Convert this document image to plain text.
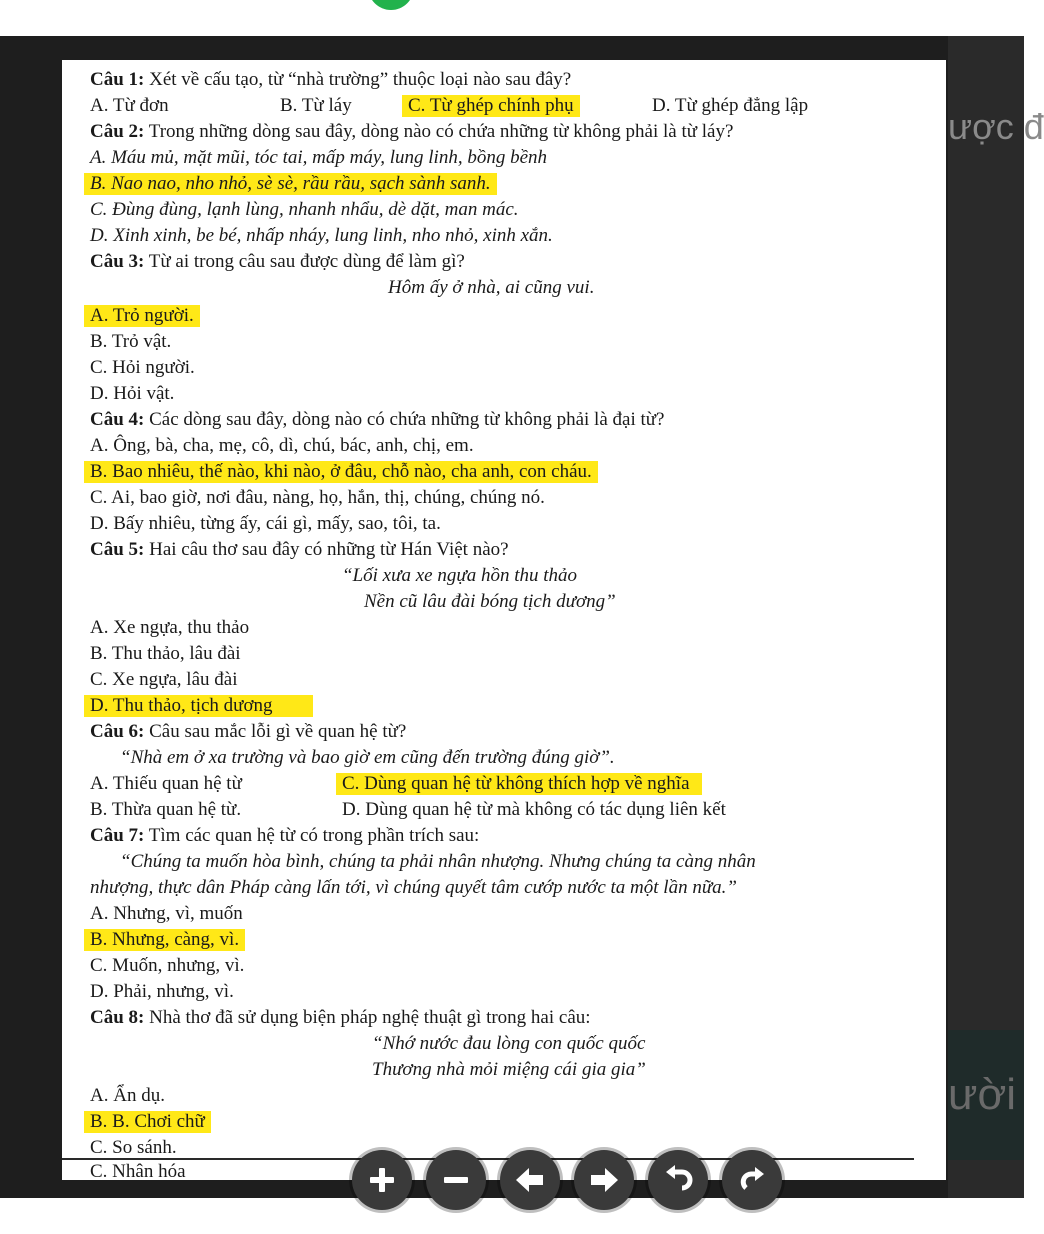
ược đ
ười
Câu 1: Xét về cấu tạo, từ “nhà trường” thuộc loại nào sau đây?
A. Từ đơn	B. Từ láy	C. Từ ghép chính phụ	D. Từ ghép đẳng lập
Câu 2: Trong những dòng sau đây, dòng nào có chứa những từ không phải là từ láy?
A. Máu mủ, mặt mũi, tóc tai, mấp máy, lung linh, bồng bềnh
B. Nao nao, nho nhỏ, sè sè, rầu rầu, sạch sành sanh.
C. Đùng đùng, lạnh lùng, nhanh nhẩu, dè dặt, man mác.
D. Xinh xinh, be bé, nhấp nháy, lung linh, nho nhỏ, xinh xắn.
Câu 3: Từ ai trong câu sau được dùng để làm gì?
Hôm ấy ở nhà, ai cũng vui.
A. Trỏ người.
B. Trỏ vật.
C. Hỏi người.
D. Hỏi vật.
Câu 4: Các dòng sau đây, dòng nào có chứa những từ không phải là đại từ?
A. Ông, bà, cha, mẹ, cô, dì, chú, bác, anh, chị, em.
B. Bao nhiêu, thế nào, khi nào, ở đâu, chỗ nào, cha anh, con cháu.
C. Ai, bao giờ, nơi đâu, nàng, họ, hắn, thị, chúng, chúng nó.
D. Bấy nhiêu, từng ấy, cái gì, mấy, sao, tôi, ta.
Câu 5: Hai câu thơ sau đây có những từ Hán Việt nào?
“Lối xưa xe ngựa hồn thu thảo
Nền cũ lâu đài bóng tịch dương”
A. Xe ngựa, thu thảo
B. Thu thảo, lâu đài
C. Xe ngựa, lâu đài
D. Thu thảo, tịch dương
Câu 6: Câu sau mắc lỗi gì về quan hệ từ?
“Nhà em ở xa trường và bao giờ em cũng đến trường đúng giờ”.
A. Thiếu quan hệ từ	C. Dùng quan hệ từ không thích hợp về nghĩa
B. Thừa quan hệ từ.	D. Dùng quan hệ từ mà không có tác dụng liên kết
Câu 7: Tìm các quan hệ từ có trong phần trích sau:
“Chúng ta muốn hòa bình, chúng ta phải nhân nhượng. Nhưng chúng ta càng nhân
nhượng, thực dân Pháp càng lấn tới, vì chúng quyết tâm cướp nước ta một lần nữa.”
A. Nhưng, vì, muốn
B. Nhưng, càng, vì.
C. Muốn, nhưng, vì.
D. Phải, nhưng, vì.
Câu 8: Nhà thơ đã sử dụng biện pháp nghệ thuật gì trong hai câu:
“Nhớ nước đau lòng con quốc quốc
Thương nhà mỏi miệng cái gia gia”
A. Ẩn dụ.
B. B. Chơi chữ
C. So sánh.
C. Nhân hóa
